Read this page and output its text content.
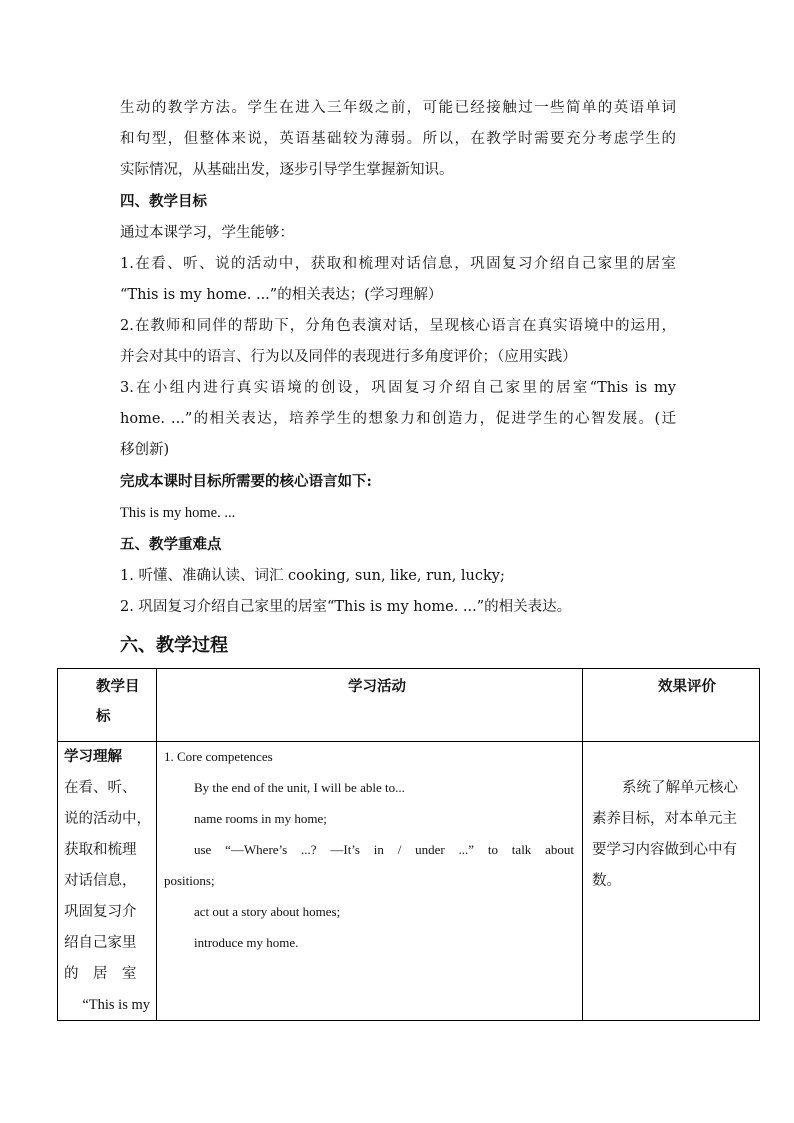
生动的教学方法。学生在进入三年级之前，可能已经接触过一些简单的英语单词
和句型，但整体来说，英语基础较为薄弱。所以，在教学时需要充分考虑学生的
实际情况，从基础出发，逐步引导学生掌握新知识。
四、教学目标
通过本课学习，学生能够：
1.在看、听、说的活动中，获取和梳理对话信息，巩固复习介绍自己家里的居室
“This is my home. ...”的相关表达；(学习理解）
2.在教师和同伴的帮助下，分角色表演对话，呈现核心语言在真实语境中的运用，
并会对其中的语言、行为以及同伴的表现进行多角度评价；（应用实践）
3.在小组内进行真实语境的创设，巩固复习介绍自己家里的居室“This is my
home. ...”的相关表达，培养学生的想象力和创造力，促进学生的心智发展。(迁
移创新)
完成本课时目标所需要的核心语言如下:
This is my home. ...
五、教学重难点
1. 听懂、准确认读、词汇 cooking, sun, like, run, lucky;
2. 巩固复习介绍自己家里的居室“This is my home. ...”的相关表达。
六、教学过程
教学目
标
学习活动	效果评价
学习理解
在看、听、
说的活动中，
获取和梳理
对话信息，
巩固复习介
绍自己家里
的　居　室
“This is my
1. Core competences
By the end of the unit, I will be able to...
name rooms in my home;
use “—Where’s ...? —It’s in / under ...” to talk about
positions;
act out a story about homes;
introduce my home.
系统了解单元核心
素养目标，对本单元主
要学习内容做到心中有
数。
